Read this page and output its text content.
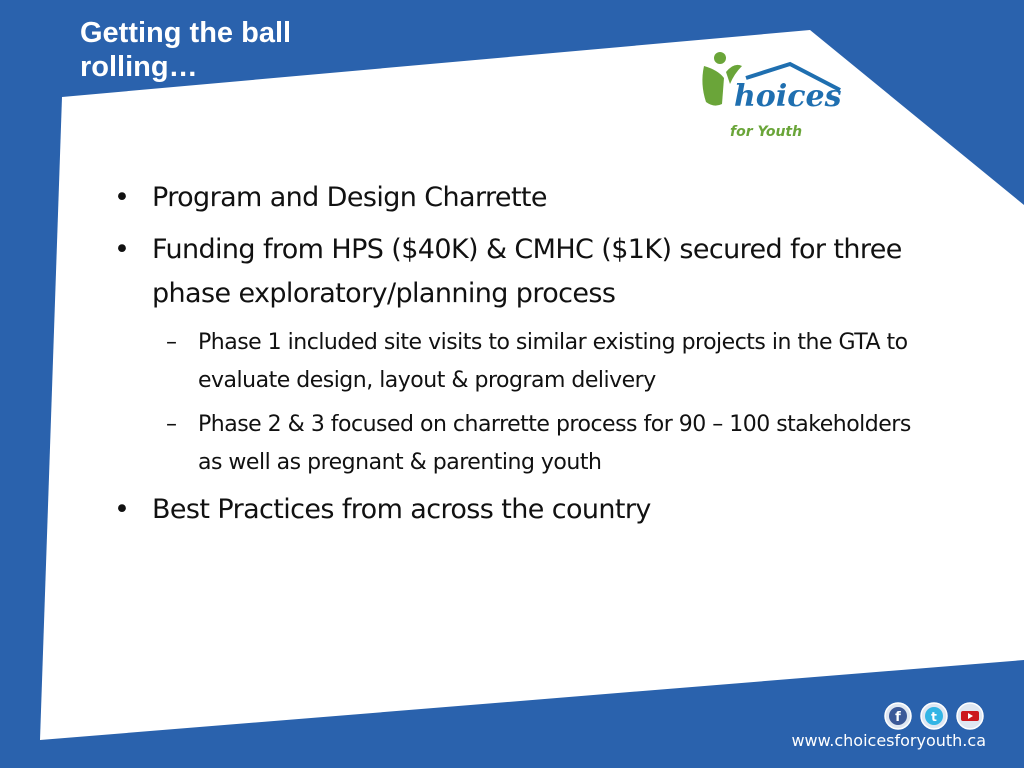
Getting the ball rolling…
hoices
for Youth
• Program and Design Charrette
• Funding from HPS ($40K) & CMHC ($1K) secured for three phase exploratory/planning process
– Phase 1 included site visits to similar existing projects in the GTA to evaluate design, layout & program delivery
– Phase 2 & 3 focused on charrette process for 90 – 100 stakeholders as well as pregnant & parenting youth
• Best Practices from across the country
f	t
www.choicesforyouth.ca
